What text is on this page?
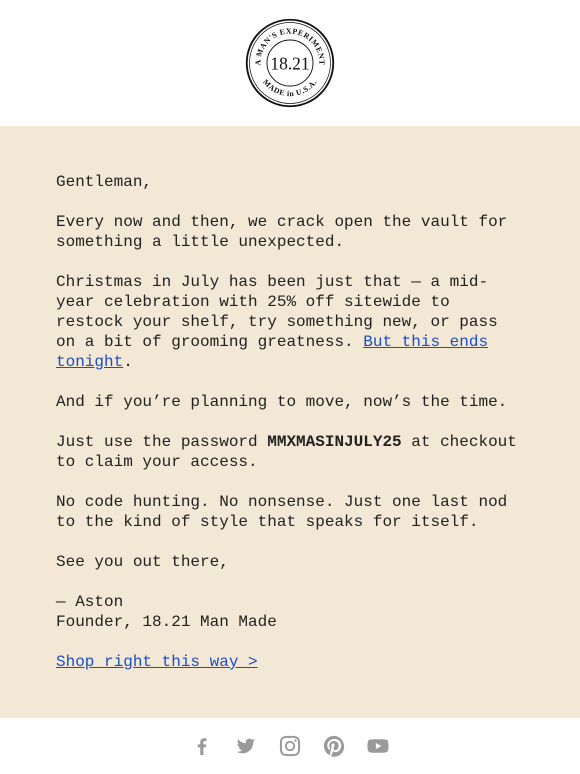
A MAN'S EXPERIMENT
MADE in U.S.A.
18.21

Gentleman,

Every now and then, we crack open the vault for something a little unexpected.

Christmas in July has been just that — a mid-year celebration with 25% off sitewide to restock your shelf, try something new, or pass on a bit of grooming greatness. But this ends tonight.

And if you’re planning to move, now’s the time.

Just use the password MMXMASINJULY25 at checkout to claim your access.

No code hunting. No nonsense. Just one last nod to the kind of style that speaks for itself.

See you out there,

— Aston
Founder, 18.21 Man Made

Shop right this way >
